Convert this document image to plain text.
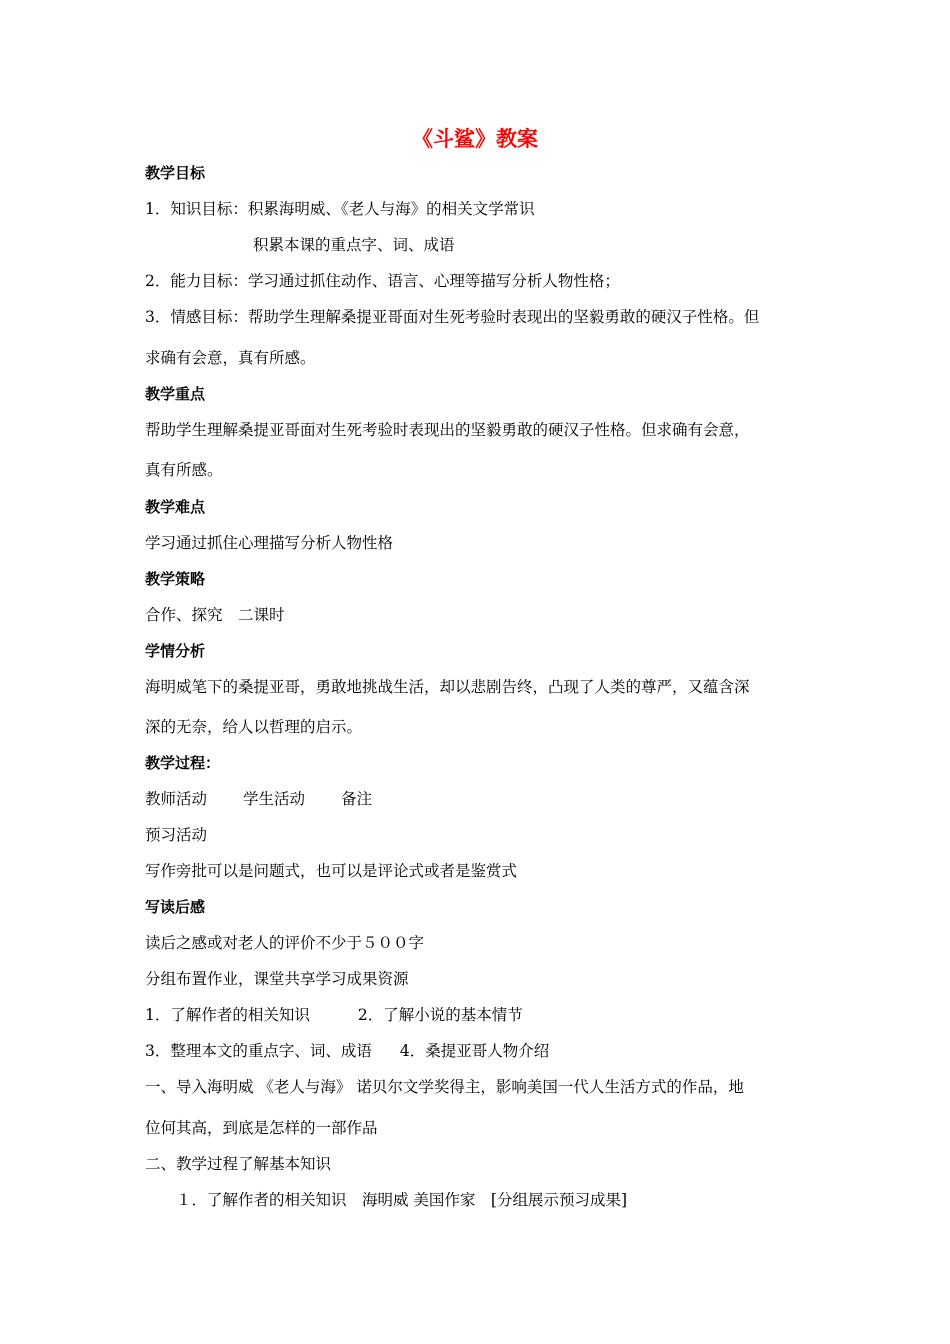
《斗鲨》教案
教学目标
1．知识目标：积累海明威、《老人与海》的相关文学常识
积累本课的重点字、词、成语
2．能力目标：学习通过抓住动作、语言、心理等描写分析人物性格；
3．情感目标：帮助学生理解桑提亚哥面对生死考验时表现出的坚毅勇敢的硬汉子性格。但
求确有会意，真有所感。
教学重点
帮助学生理解桑提亚哥面对生死考验时表现出的坚毅勇敢的硬汉子性格。但求确有会意，
真有所感。
教学难点
学习通过抓住心理描写分析人物性格
教学策略
合作、探究　二课时
学情分析
海明威笔下的桑提亚哥，勇敢地挑战生活，却以悲剧告终，凸现了人类的尊严，又蕴含深
深的无奈，给人以哲理的启示。
教学过程：
教师活动 学生活动 备注
预习活动
写作旁批可以是问题式，也可以是评论式或者是鉴赏式
写读后感
读后之感或对老人的评价不少于５００字
分组布置作业，课堂共享学习成果资源
1．了解作者的相关知识	2．了解小说的基本情节
3．整理本文的重点字、词、成语 4．桑提亚哥人物介绍
一、导入海明威 《老人与海》 诺贝尔文学奖得主，影响美国一代人生活方式的作品，地
位何其高，到底是怎样的一部作品
二、教学过程了解基本知识
１．了解作者的相关知识　海明威 美国作家　[分组展示预习成果]
